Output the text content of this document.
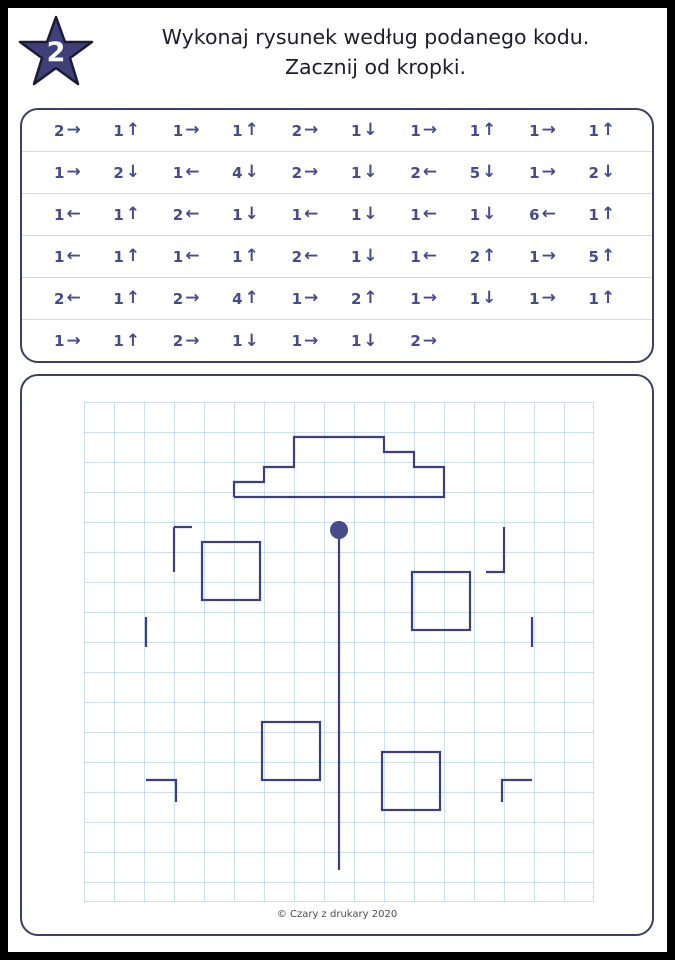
2	Wykonaj rysunek według podanego kodu.
Zacznij od kropki.
2 → 1 ↑ 1 → 1 ↑ 2 → 1 ↓ 1 → 1 ↑ 1 → 1 ↑
1 → 2 ↓ 1 ← 4 ↓ 2 → 1 ↓ 2 ← 5 ↓ 1 → 2 ↓
1 ← 1 ↑ 2 ← 1 ↓ 1 ← 1 ↓ 1 ← 1 ↓ 6 ← 1 ↑
1 ← 1 ↑ 1 ← 1 ↑ 2 ← 1 ↓ 1 ← 2 ↑ 1 → 5 ↑
2 ← 1 ↑ 2 → 4 ↑ 1 → 2 ↑ 1 → 1 ↓ 1 → 1 ↑
1 → 1 ↑ 2 → 1 ↓ 1 → 1 ↓ 2 →
© Czary z drukary 2020
